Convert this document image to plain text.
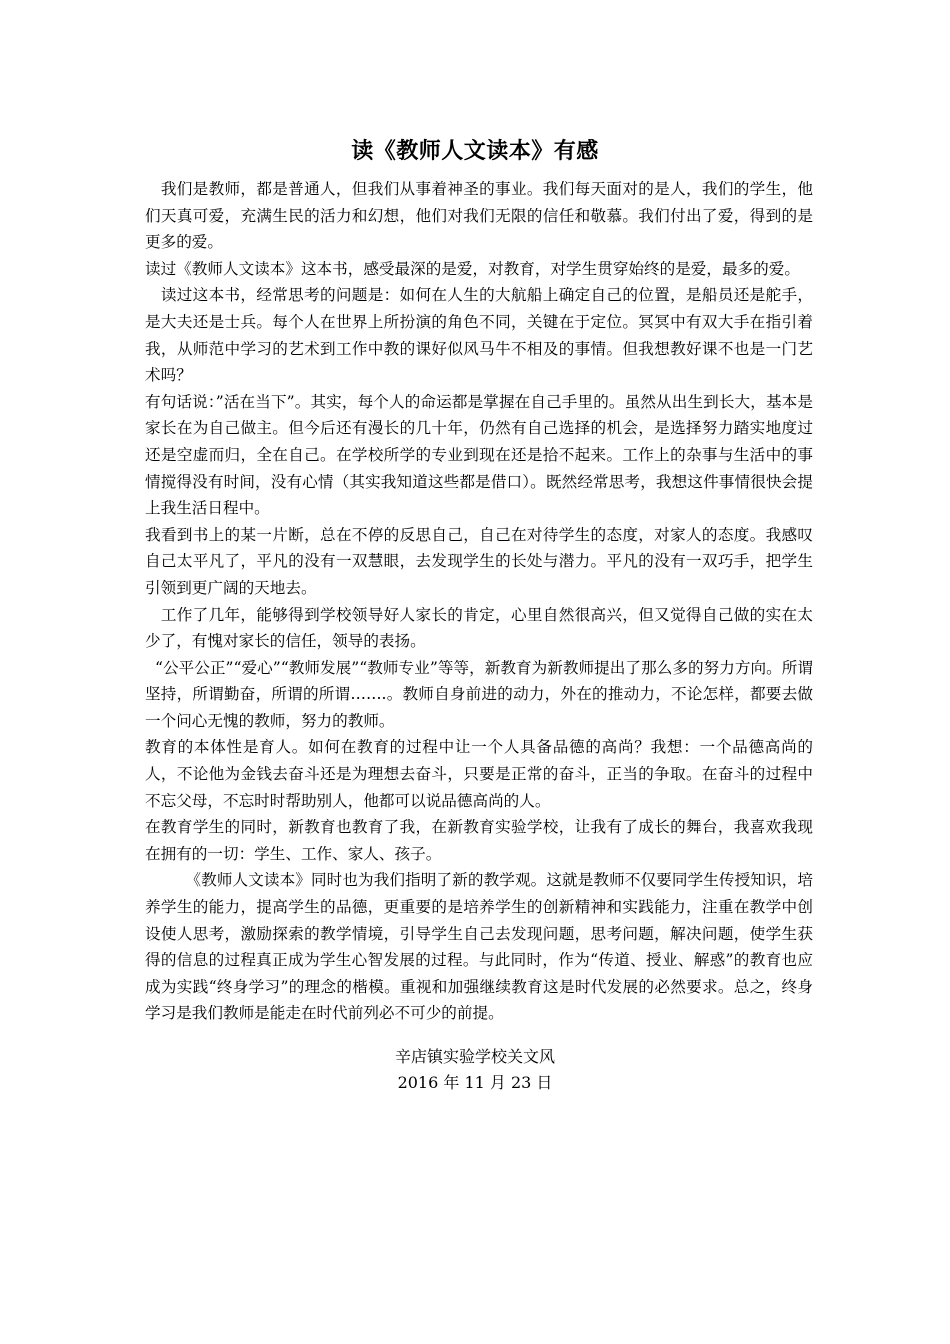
读《教师人文读本》有感

我们是教师，都是普通人，但我们从事着神圣的事业。我们每天面对的是人，我们的学生，他们天真可爱，充满生民的活力和幻想，他们对我们无限的信任和敬慕。我们付出了爱，得到的是更多的爱。

读过《教师人文读本》这本书，感受最深的是爱，对教育，对学生贯穿始终的是爱，最多的爱。

读过这本书，经常思考的问题是：如何在人生的大航船上确定自己的位置，是船员还是舵手，是大夫还是士兵。每个人在世界上所扮演的角色不同，关键在于定位。冥冥中有双大手在指引着我，从师范中学习的艺术到工作中教的课好似风马牛不相及的事情。但我想教好课不也是一门艺术吗？

有句话说：”活在当下”。其实，每个人的命运都是掌握在自己手里的。虽然从出生到长大，基本是家长在为自己做主。但今后还有漫长的几十年，仍然有自己选择的机会，是选择努力踏实地度过还是空虚而归，全在自己。在学校所学的专业到现在还是拾不起来。工作上的杂事与生活中的事情搅得没有时间，没有心情（其实我知道这些都是借口）。既然经常思考，我想这件事情很快会提上我生活日程中。

我看到书上的某一片断，总在不停的反思自己，自己在对待学生的态度，对家人的态度。我感叹自己太平凡了，平凡的没有一双慧眼，去发现学生的长处与潜力。平凡的没有一双巧手，把学生引领到更广阔的天地去。

工作了几年，能够得到学校领导好人家长的肯定，心里自然很高兴，但又觉得自己做的实在太少了，有愧对家长的信任，领导的表扬。

“公平公正”“爱心”“教师发展”“教师专业”等等，新教育为新教师提出了那么多的努力方向。所谓坚持，所谓勤奋，所谓的所谓…….。教师自身前进的动力，外在的推动力，不论怎样，都要去做一个问心无愧的教师，努力的教师。

教育的本体性是育人。如何在教育的过程中让一个人具备品德的高尚？我想：一个品德高尚的人，不论他为金钱去奋斗还是为理想去奋斗，只要是正常的奋斗，正当的争取。在奋斗的过程中不忘父母，不忘时时帮助别人，他都可以说品德高尚的人。

在教育学生的同时，新教育也教育了我，在新教育实验学校，让我有了成长的舞台，我喜欢我现在拥有的一切：学生、工作、家人、孩子。

《教师人文读本》同时也为我们指明了新的教学观。这就是教师不仅要同学生传授知识，培养学生的能力，提高学生的品德，更重要的是培养学生的创新精神和实践能力，注重在教学中创设使人思考，激励探索的教学情境，引导学生自己去发现问题，思考问题，解决问题，使学生获得的信息的过程真正成为学生心智发展的过程。与此同时，作为“传道、授业、解惑”的教育也应成为实践“终身学习”的理念的楷模。重视和加强继续教育这是时代发展的必然要求。总之，终身学习是我们教师是能走在时代前列必不可少的前提。

辛店镇实验学校关文风
2016 年 11 月 23 日
